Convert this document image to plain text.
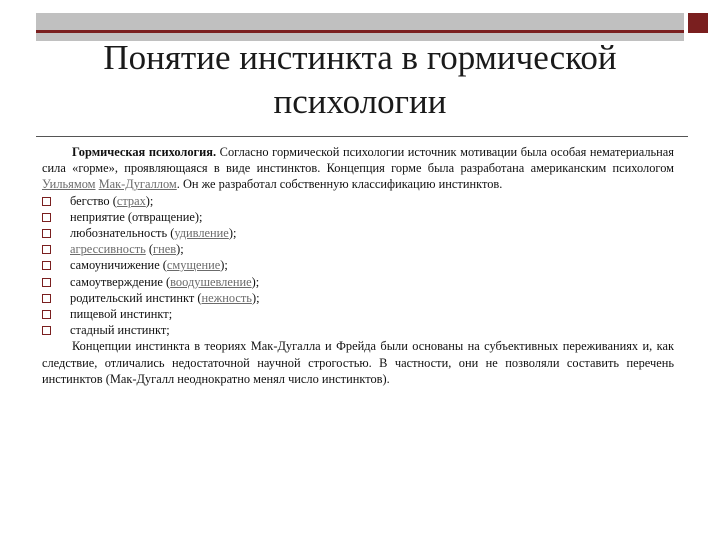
Понятие инстинкта в гормической психологии

Гормическая психология. Согласно гормической психологии источник мотивации была особая нематериальная сила «горме», проявляющаяся в виде инстинктов. Концепция горме была разработана американским психологом Уильямом Мак-Дугаллом. Он же разработал собственную классификацию инстинктов.

бегство (страх);
неприятие (отвращение);
любознательность (удивление);
агрессивность (гнев);
самоуничижение (смущение);
самоутверждение (воодушевление);
родительский инстинкт (нежность);
пищевой инстинкт;
стадный инстинкт;

Концепции инстинкта в теориях Мак-Дугалла и Фрейда были основаны на субъективных переживаниях и, как следствие, отличались недостаточной научной строгостью. В частности, они не позволяли составить перечень инстинктов (Мак-Дугалл неоднократно менял число инстинктов).
